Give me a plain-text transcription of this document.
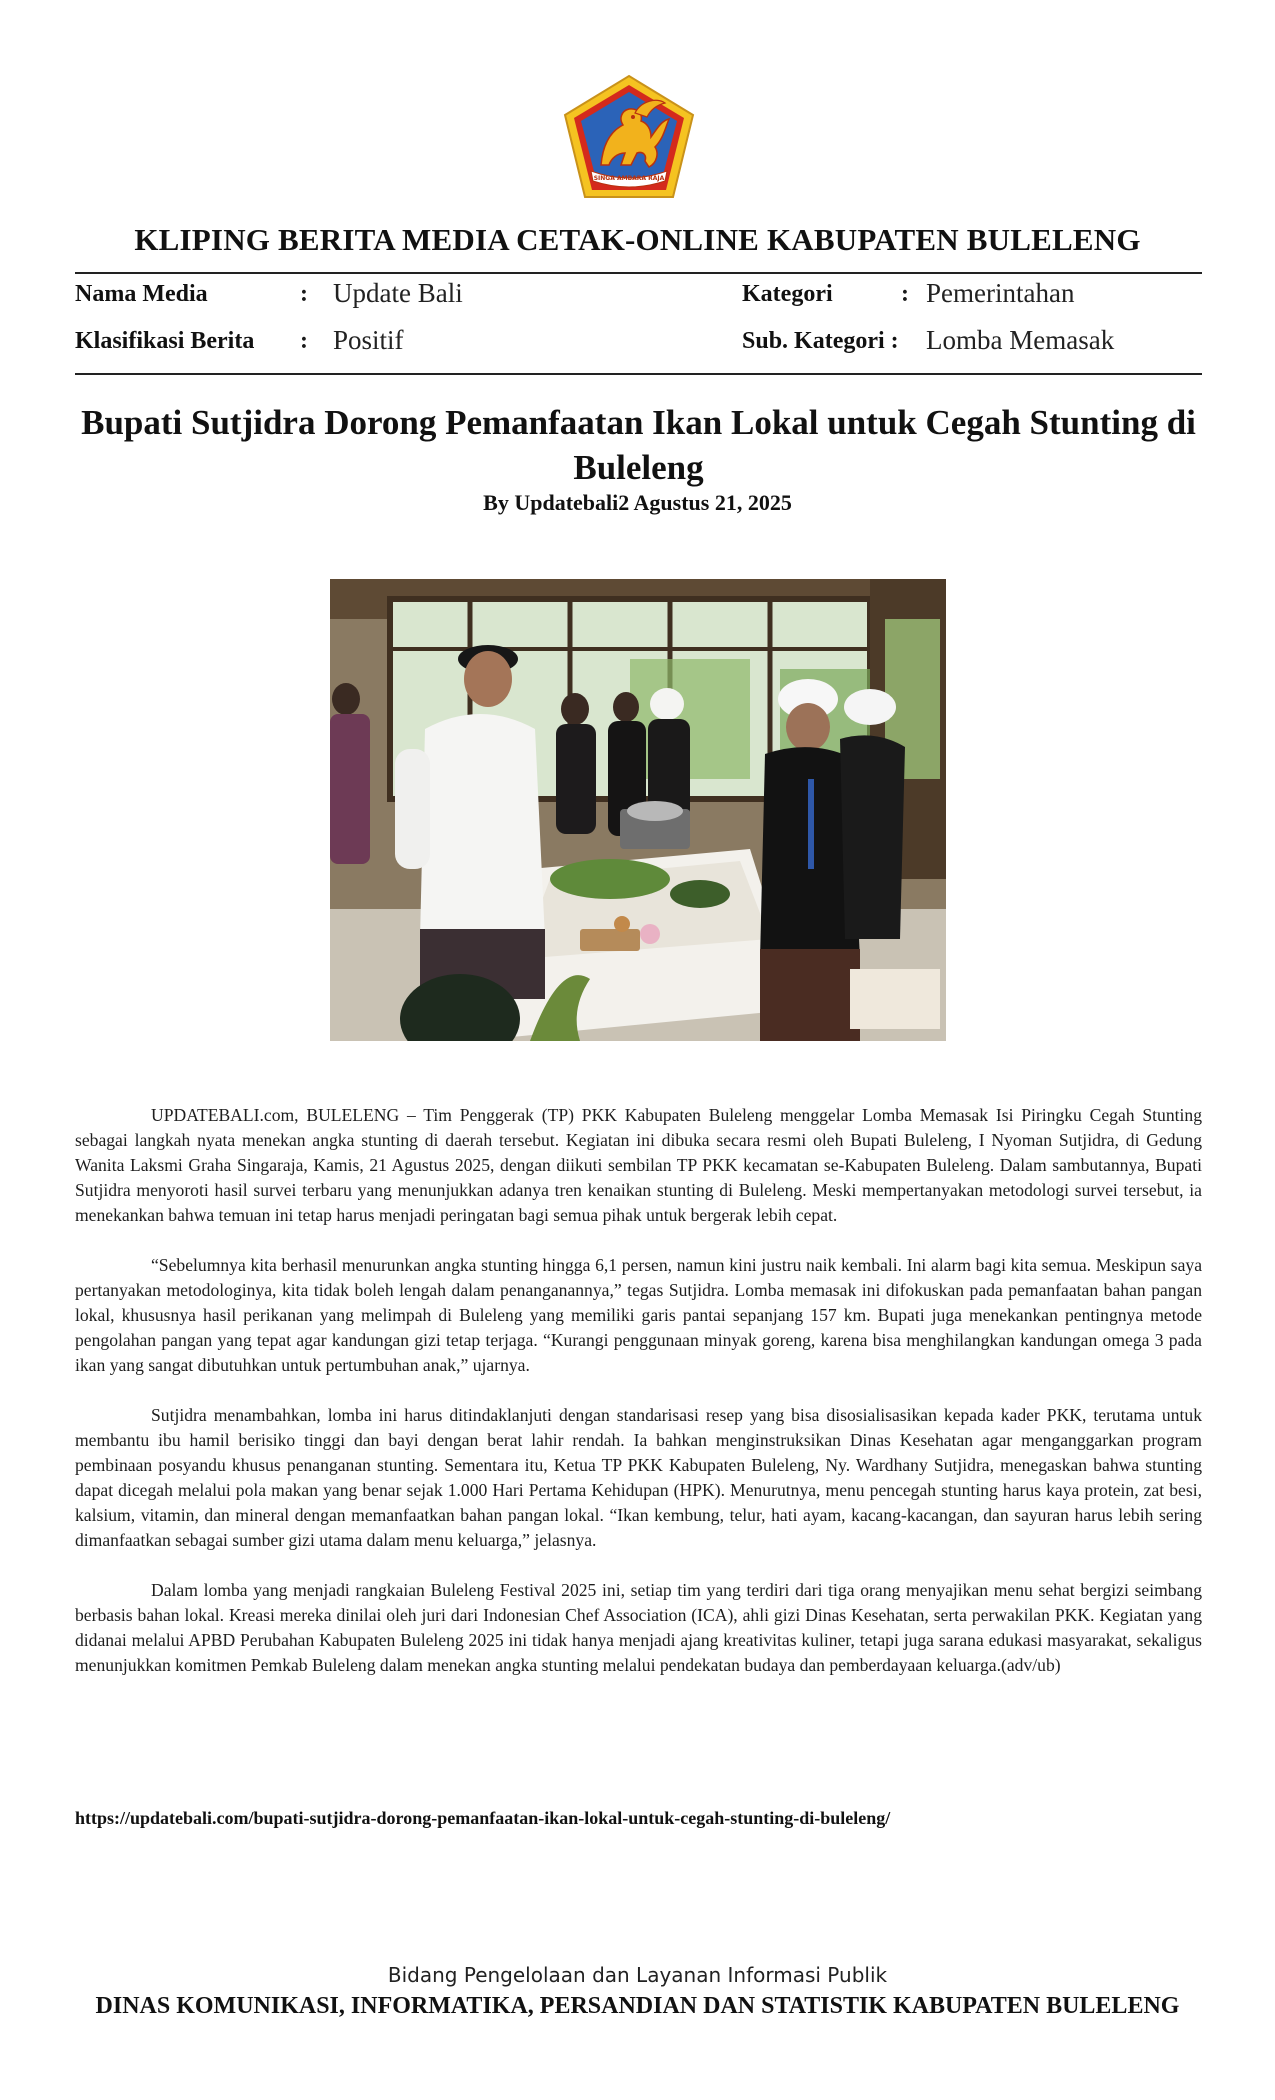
SINGA AMBARA RAJA
KLIPING BERITA MEDIA CETAK-ONLINE KABUPATEN BULELENG
Nama Media	: Update Bali	Kategori	: Pemerintahan
Klasifikasi Berita : Positif	Sub. Kategori : Lomba Memasak
Bupati Sutjidra Dorong Pemanfaatan Ikan Lokal untuk Cegah Stunting di Buleleng
By Updatebali2 Agustus 21, 2025

UPDATEBALI.com, BULELENG – Tim Penggerak (TP) PKK Kabupaten Buleleng menggelar Lomba Memasak Isi Piringku Cegah Stunting sebagai langkah nyata menekan angka stunting di daerah tersebut. Kegiatan ini dibuka secara resmi oleh Bupati Buleleng, I Nyoman Sutjidra, di Gedung Wanita Laksmi Graha Singaraja, Kamis, 21 Agustus 2025, dengan diikuti sembilan TP PKK kecamatan se-Kabupaten Buleleng. Dalam sambutannya, Bupati Sutjidra menyoroti hasil survei terbaru yang menunjukkan adanya tren kenaikan stunting di Buleleng. Meski mempertanyakan metodologi survei tersebut, ia menekankan bahwa temuan ini tetap harus menjadi peringatan bagi semua pihak untuk bergerak lebih cepat.

“Sebelumnya kita berhasil menurunkan angka stunting hingga 6,1 persen, namun kini justru naik kembali. Ini alarm bagi kita semua. Meskipun saya pertanyakan metodologinya, kita tidak boleh lengah dalam penanganannya,” tegas Sutjidra. Lomba memasak ini difokuskan pada pemanfaatan bahan pangan lokal, khususnya hasil perikanan yang melimpah di Buleleng yang memiliki garis pantai sepanjang 157 km. Bupati juga menekankan pentingnya metode pengolahan pangan yang tepat agar kandungan gizi tetap terjaga. “Kurangi penggunaan minyak goreng, karena bisa menghilangkan kandungan omega 3 pada ikan yang sangat dibutuhkan untuk pertumbuhan anak,” ujarnya.

Sutjidra menambahkan, lomba ini harus ditindaklanjuti dengan standarisasi resep yang bisa disosialisasikan kepada kader PKK, terutama untuk membantu ibu hamil berisiko tinggi dan bayi dengan berat lahir rendah. Ia bahkan menginstruksikan Dinas Kesehatan agar menganggarkan program pembinaan posyandu khusus penanganan stunting. Sementara itu, Ketua TP PKK Kabupaten Buleleng, Ny. Wardhany Sutjidra, menegaskan bahwa stunting dapat dicegah melalui pola makan yang benar sejak 1.000 Hari Pertama Kehidupan (HPK). Menurutnya, menu pencegah stunting harus kaya protein, zat besi, kalsium, vitamin, dan mineral dengan memanfaatkan bahan pangan lokal. “Ikan kembung, telur, hati ayam, kacang-kacangan, dan sayuran harus lebih sering dimanfaatkan sebagai sumber gizi utama dalam menu keluarga,” jelasnya.

Dalam lomba yang menjadi rangkaian Buleleng Festival 2025 ini, setiap tim yang terdiri dari tiga orang menyajikan menu sehat bergizi seimbang berbasis bahan lokal. Kreasi mereka dinilai oleh juri dari Indonesian Chef Association (ICA), ahli gizi Dinas Kesehatan, serta perwakilan PKK. Kegiatan yang didanai melalui APBD Perubahan Kabupaten Buleleng 2025 ini tidak hanya menjadi ajang kreativitas kuliner, tetapi juga sarana edukasi masyarakat, sekaligus menunjukkan komitmen Pemkab Buleleng dalam menekan angka stunting melalui pendekatan budaya dan pemberdayaan keluarga.(adv/ub)

https://updatebali.com/bupati-sutjidra-dorong-pemanfaatan-ikan-lokal-untuk-cegah-stunting-di-buleleng/
Bidang Pengelolaan dan Layanan Informasi Publik
DINAS KOMUNIKASI, INFORMATIKA, PERSANDIAN DAN STATISTIK KABUPATEN BULELENG
